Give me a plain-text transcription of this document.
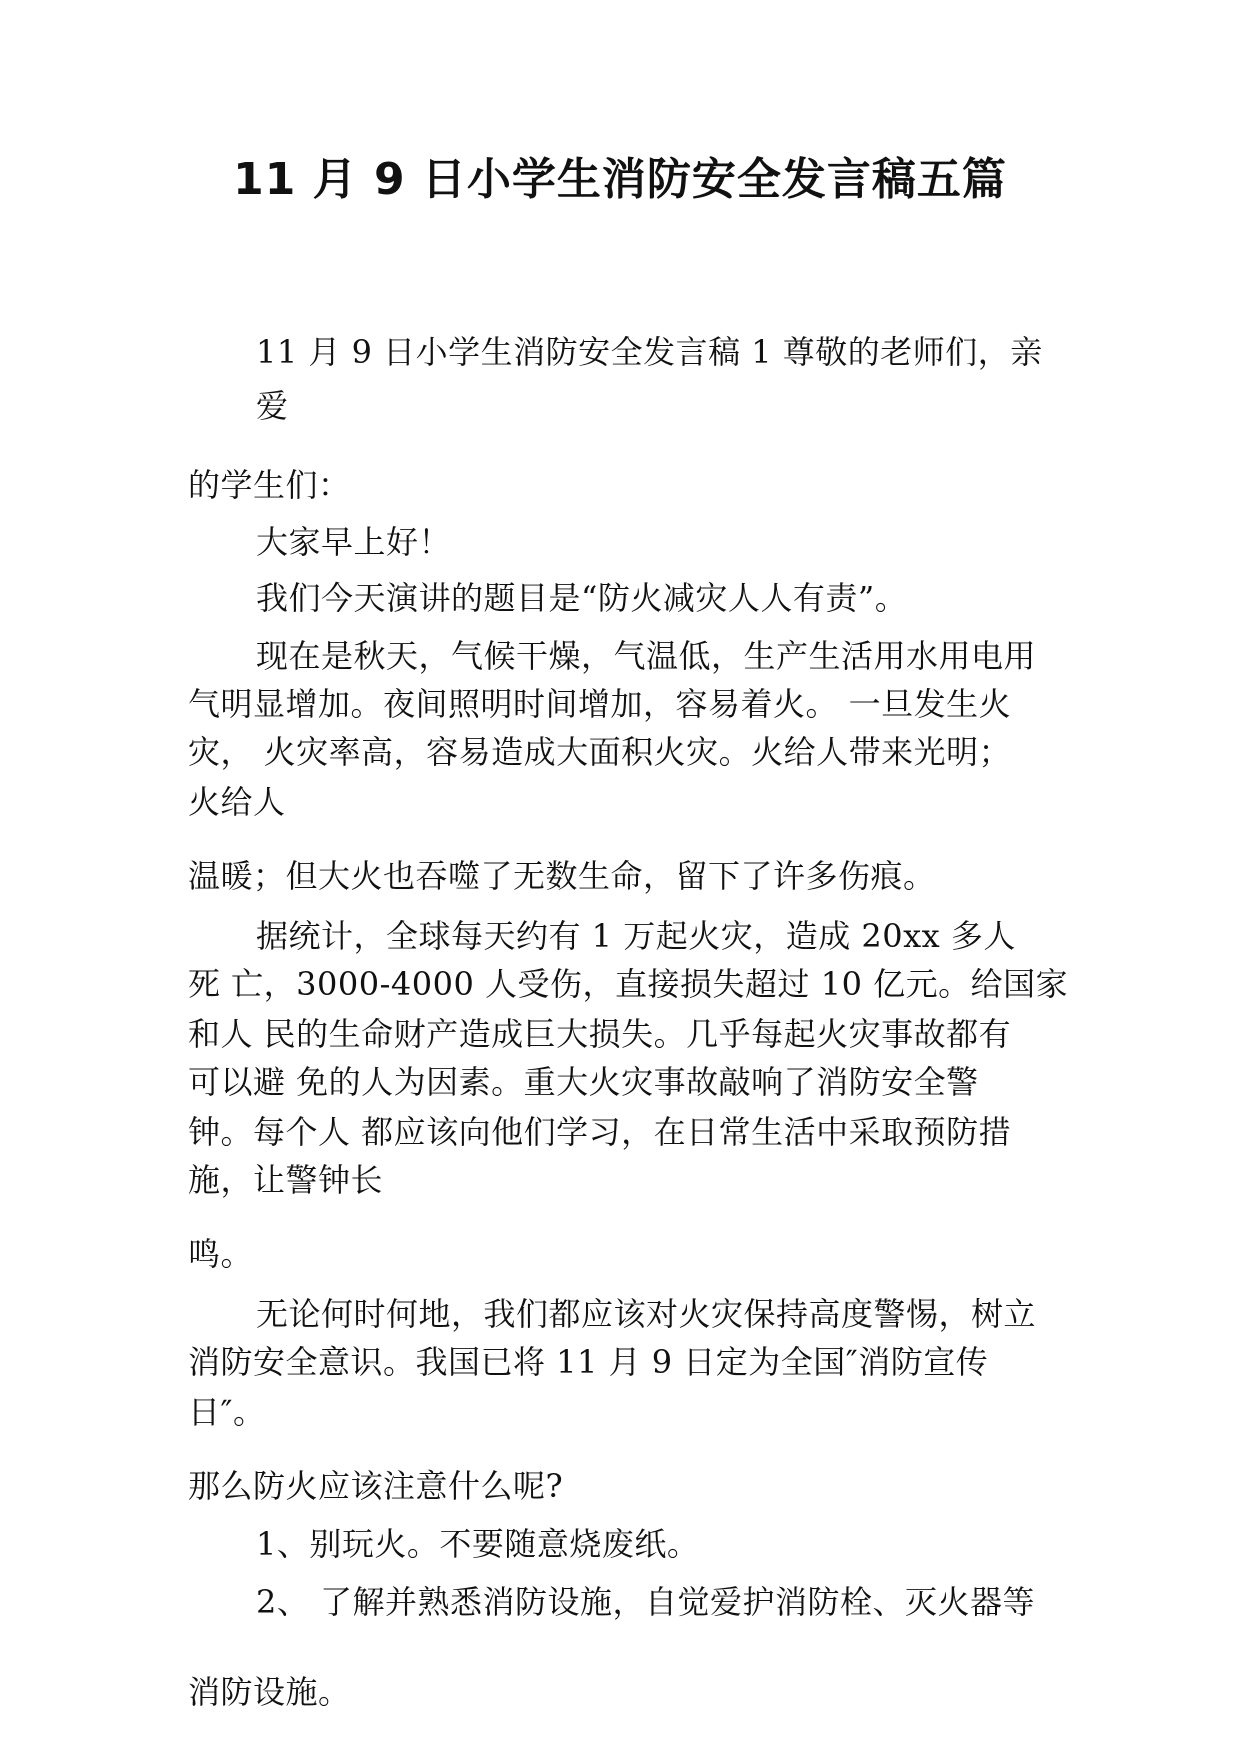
11 月 9 日小学生消防安全发言稿五篇
11 月 9 日小学生消防安全发言稿 1 尊敬的老师们，亲
爱
的学生们：
大家早上好！
我们今天演讲的题目是“防火减灾人人有责”。
现在是秋天，气候干燥，气温低，生产生活用水用电用
气明显增加。夜间照明时间增加，容易着火。 一旦发生火
灾， 火灾率高，容易造成大面积火灾。火给人带来光明；
火给人
温暖；但大火也吞噬了无数生命，留下了许多伤痕。
据统计，全球每天约有 1 万起火灾，造成 20xx 多人
死 亡，3000-4000 人受伤，直接损失超过 10 亿元。给国家
和人 民的生命财产造成巨大损失。几乎每起火灾事故都有
可以避 免的人为因素。重大火灾事故敲响了消防安全警
钟。每个人 都应该向他们学习，在日常生活中采取预防措
施，让警钟长
鸣。
无论何时何地，我们都应该对火灾保持高度警惕，树立
消防安全意识。我国已将 11 月 9 日定为全国″消防宣传
日″。
那么防火应该注意什么呢?
1、别玩火。不要随意烧废纸。
2、 了解并熟悉消防设施，自觉爱护消防栓、灭火器等
消防设施。
